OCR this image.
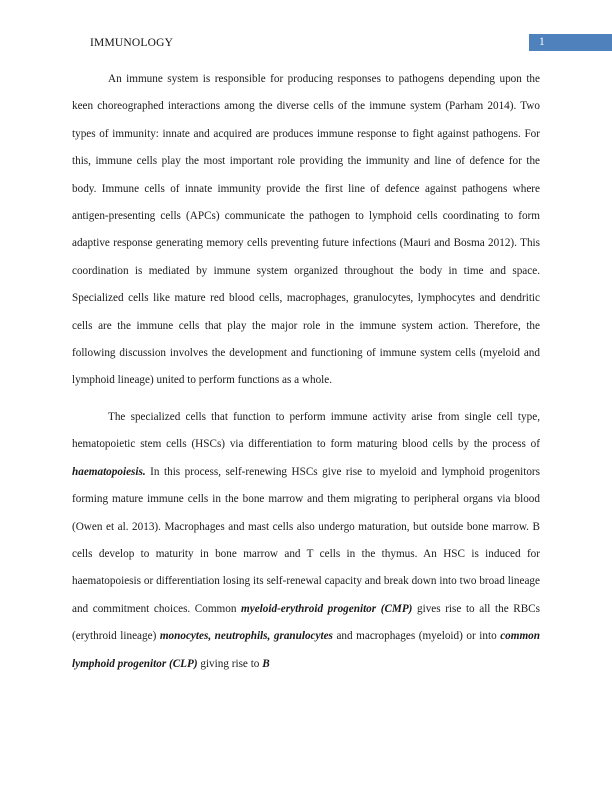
IMMUNOLOGY	1

An immune system is responsible for producing responses to pathogens depending upon the keen choreographed interactions among the diverse cells of the immune system (Parham 2014). Two types of immunity: innate and acquired are produces immune response to fight against pathogens. For this, immune cells play the most important role providing the immunity and line of defence for the body. Immune cells of innate immunity provide the first line of defence against pathogens where antigen-presenting cells (APCs) communicate the pathogen to lymphoid cells coordinating to form adaptive response generating memory cells preventing future infections (Mauri and Bosma 2012). This coordination is mediated by immune system organized throughout the body in time and space. Specialized cells like mature red blood cells, macrophages, granulocytes, lymphocytes and dendritic cells are the immune cells that play the major role in the immune system action. Therefore, the following discussion involves the development and functioning of immune system cells (myeloid and lymphoid lineage) united to perform functions as a whole.

The specialized cells that function to perform immune activity arise from single cell type, hematopoietic stem cells (HSCs) via differentiation to form maturing blood cells by the process of haematopoiesis. In this process, self-renewing HSCs give rise to myeloid and lymphoid progenitors forming mature immune cells in the bone marrow and them migrating to peripheral organs via blood (Owen et al. 2013). Macrophages and mast cells also undergo maturation, but outside bone marrow. B cells develop to maturity in bone marrow and T cells in the thymus. An HSC is induced for haematopoiesis or differentiation losing its self-renewal capacity and break down into two broad lineage and commitment choices. Common myeloid-erythroid progenitor (CMP) gives rise to all the RBCs (erythroid lineage) monocytes, neutrophils, granulocytes and macrophages (myeloid) or into common lymphoid progenitor (CLP) giving rise to B
